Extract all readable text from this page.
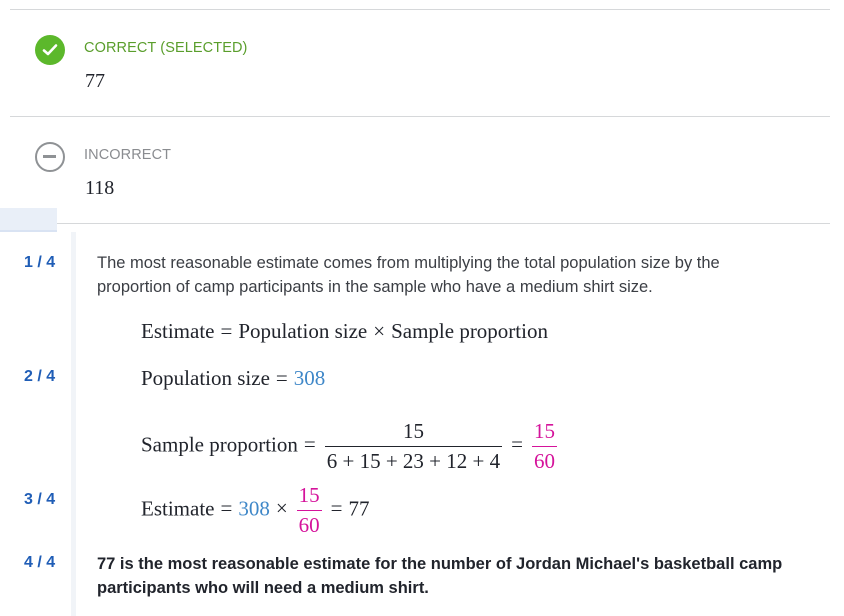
CORRECT (SELECTED)
77
INCORRECT
118
1 / 4
2 / 4
3 / 4
4 / 4
The most reasonable estimate comes from multiplying the total population size by the proportion of camp participants in the sample who have a medium shirt size.
Estimate = Population size × Sample proportion
Population size = 308
Sample proportion = $\frac{15}{6 + 15 + 23 + 12 + 4} = \frac{15}{60}$
Estimate = $308 \times \frac{15}{60} = 77$
77 is the most reasonable estimate for the number of Jordan Michael's basketball camp participants who will need a medium shirt.
